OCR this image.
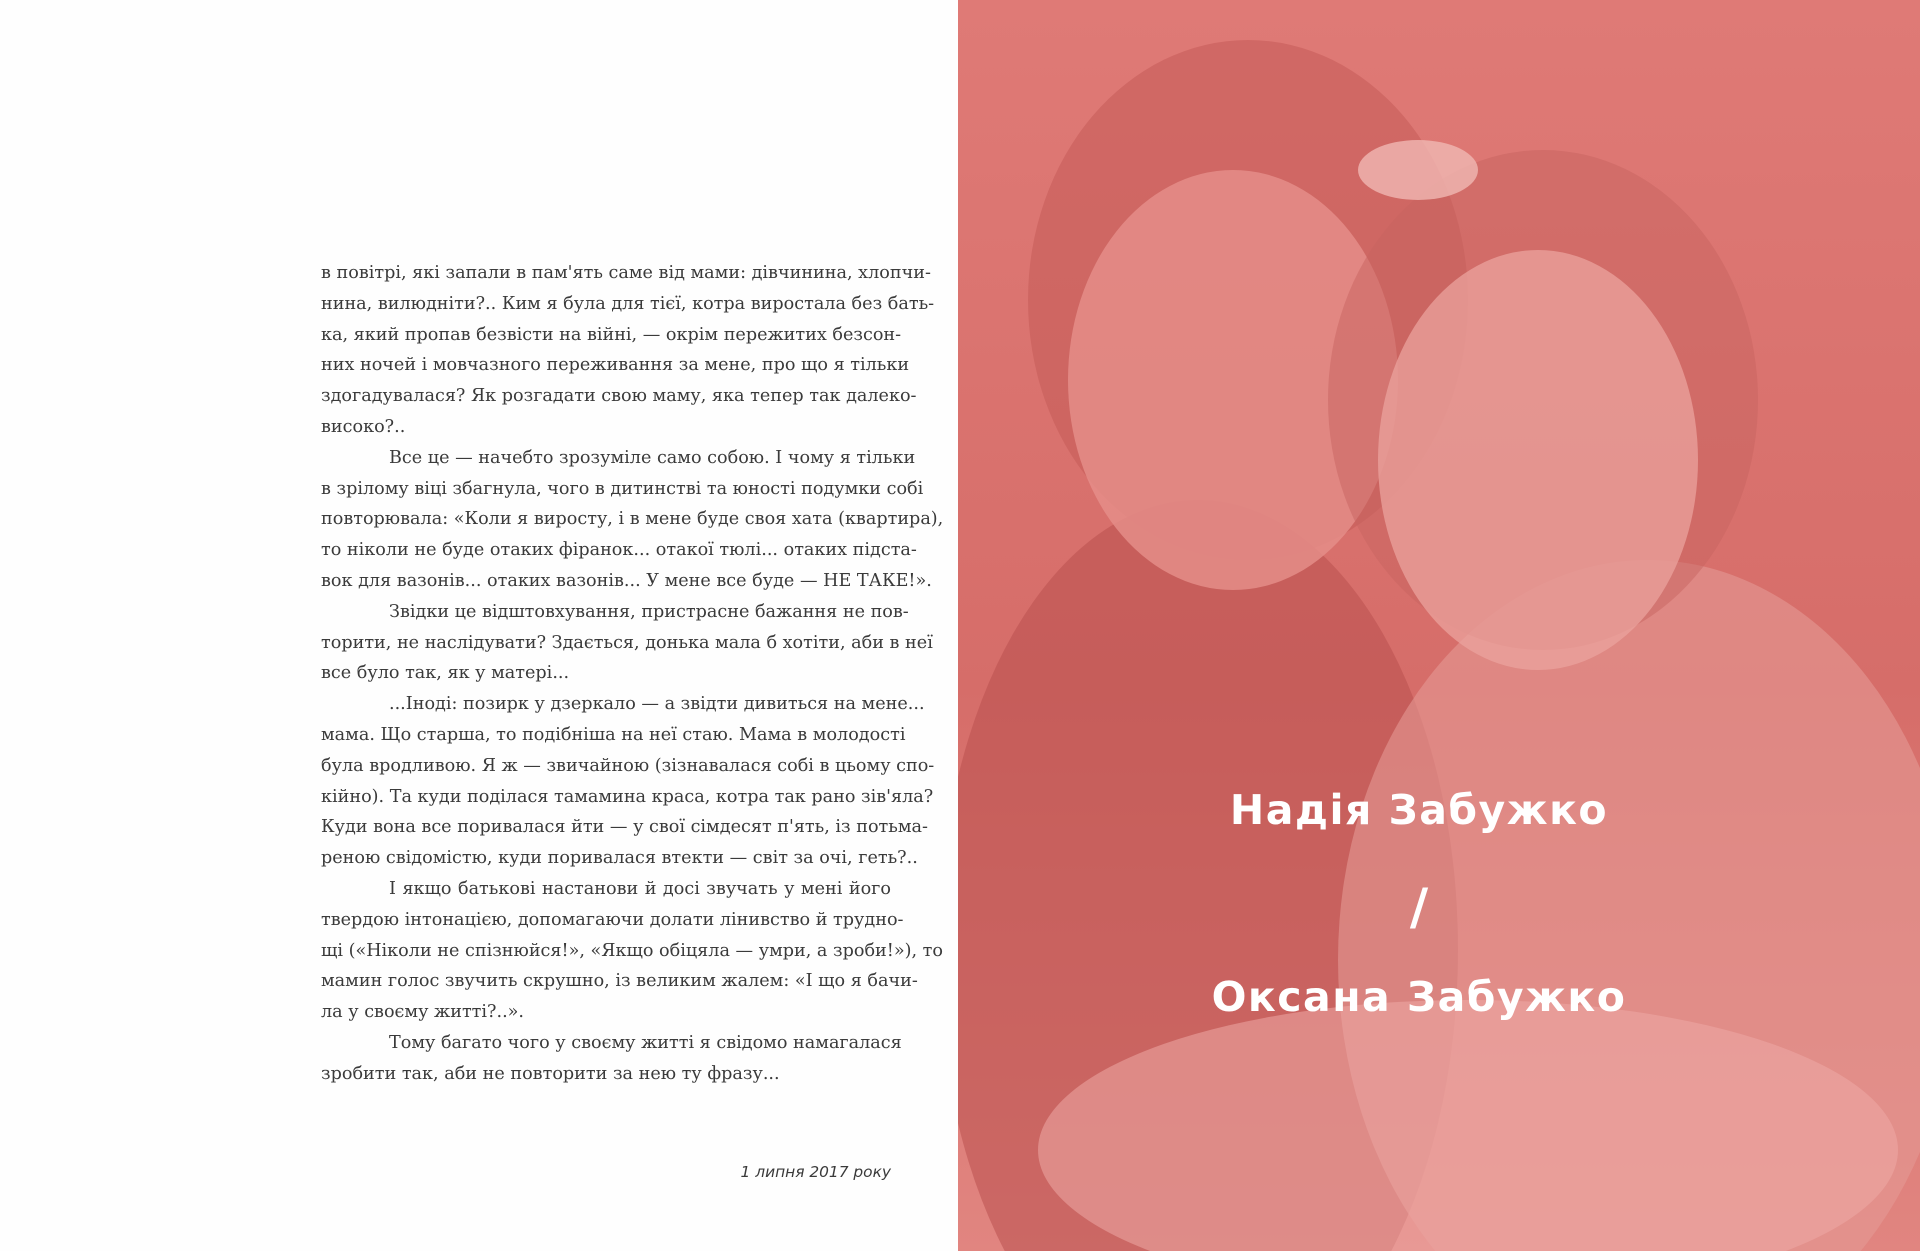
в повітрі, які запали в пам'ять саме від мами: дівчинина, хлопчи-
нина, вилюдніти?.. Ким я була для тієї, котра виростала без бать-
ка, який пропав безвісти на війні, — окрім пережитих безсон-
них ночей і мовчазного переживання за мене, про що я тільки
здогадувалася? Як розгадати свою маму, яка тепер так далеко-
високо?..
Все це — начебто зрозуміле само собою. І чому я тільки
в зрілому віці збагнула, чого в дитинстві та юності подумки собі
повторювала: «Коли я виросту, і в мене буде своя хата (квартира),
то ніколи не буде отаких фіранок... отакої тюлі... отаких підста-
вок для вазонів... отаких вазонів... У мене все буде — НЕ ТАКЕ!».
Звідки це відштовхування, пристрасне бажання не пов-
торити, не наслідувати? Здається, донька мала б хотіти, аби в неї
все було так, як у матері...
...Іноді: позирк у дзеркало — а звідти дивиться на мене...
мама. Що старша, то подібніша на неї стаю. Мама в молодості
була вродливою. Я ж — звичайною (зізнавалася собі в цьому спо-
кійно). Та куди поділася тамамина краса, котра так рано зів'яла?
Куди вона все поривалася йти — у свої сімдесят п'ять, із потьма-
реною свідомістю, куди поривалася втекти — світ за очі, геть?..
І якщо батькові настанови й досі звучать у мені його
твердою інтонацією, допомагаючи долати лінивство й трудно-
щі («Ніколи не спізнюйся!», «Якщо обіцяла — умри, а зроби!»), то
мамин голос звучить скрушно, із великим жалем: «І що я бачи-
ла у своєму житті?..».
Тому багато чого у своєму житті я свідомо намагалася
зробити так, аби не повторити за нею ту фразу...
1 липня 2017 року
Надія Забужко
/
Оксана Забужко
